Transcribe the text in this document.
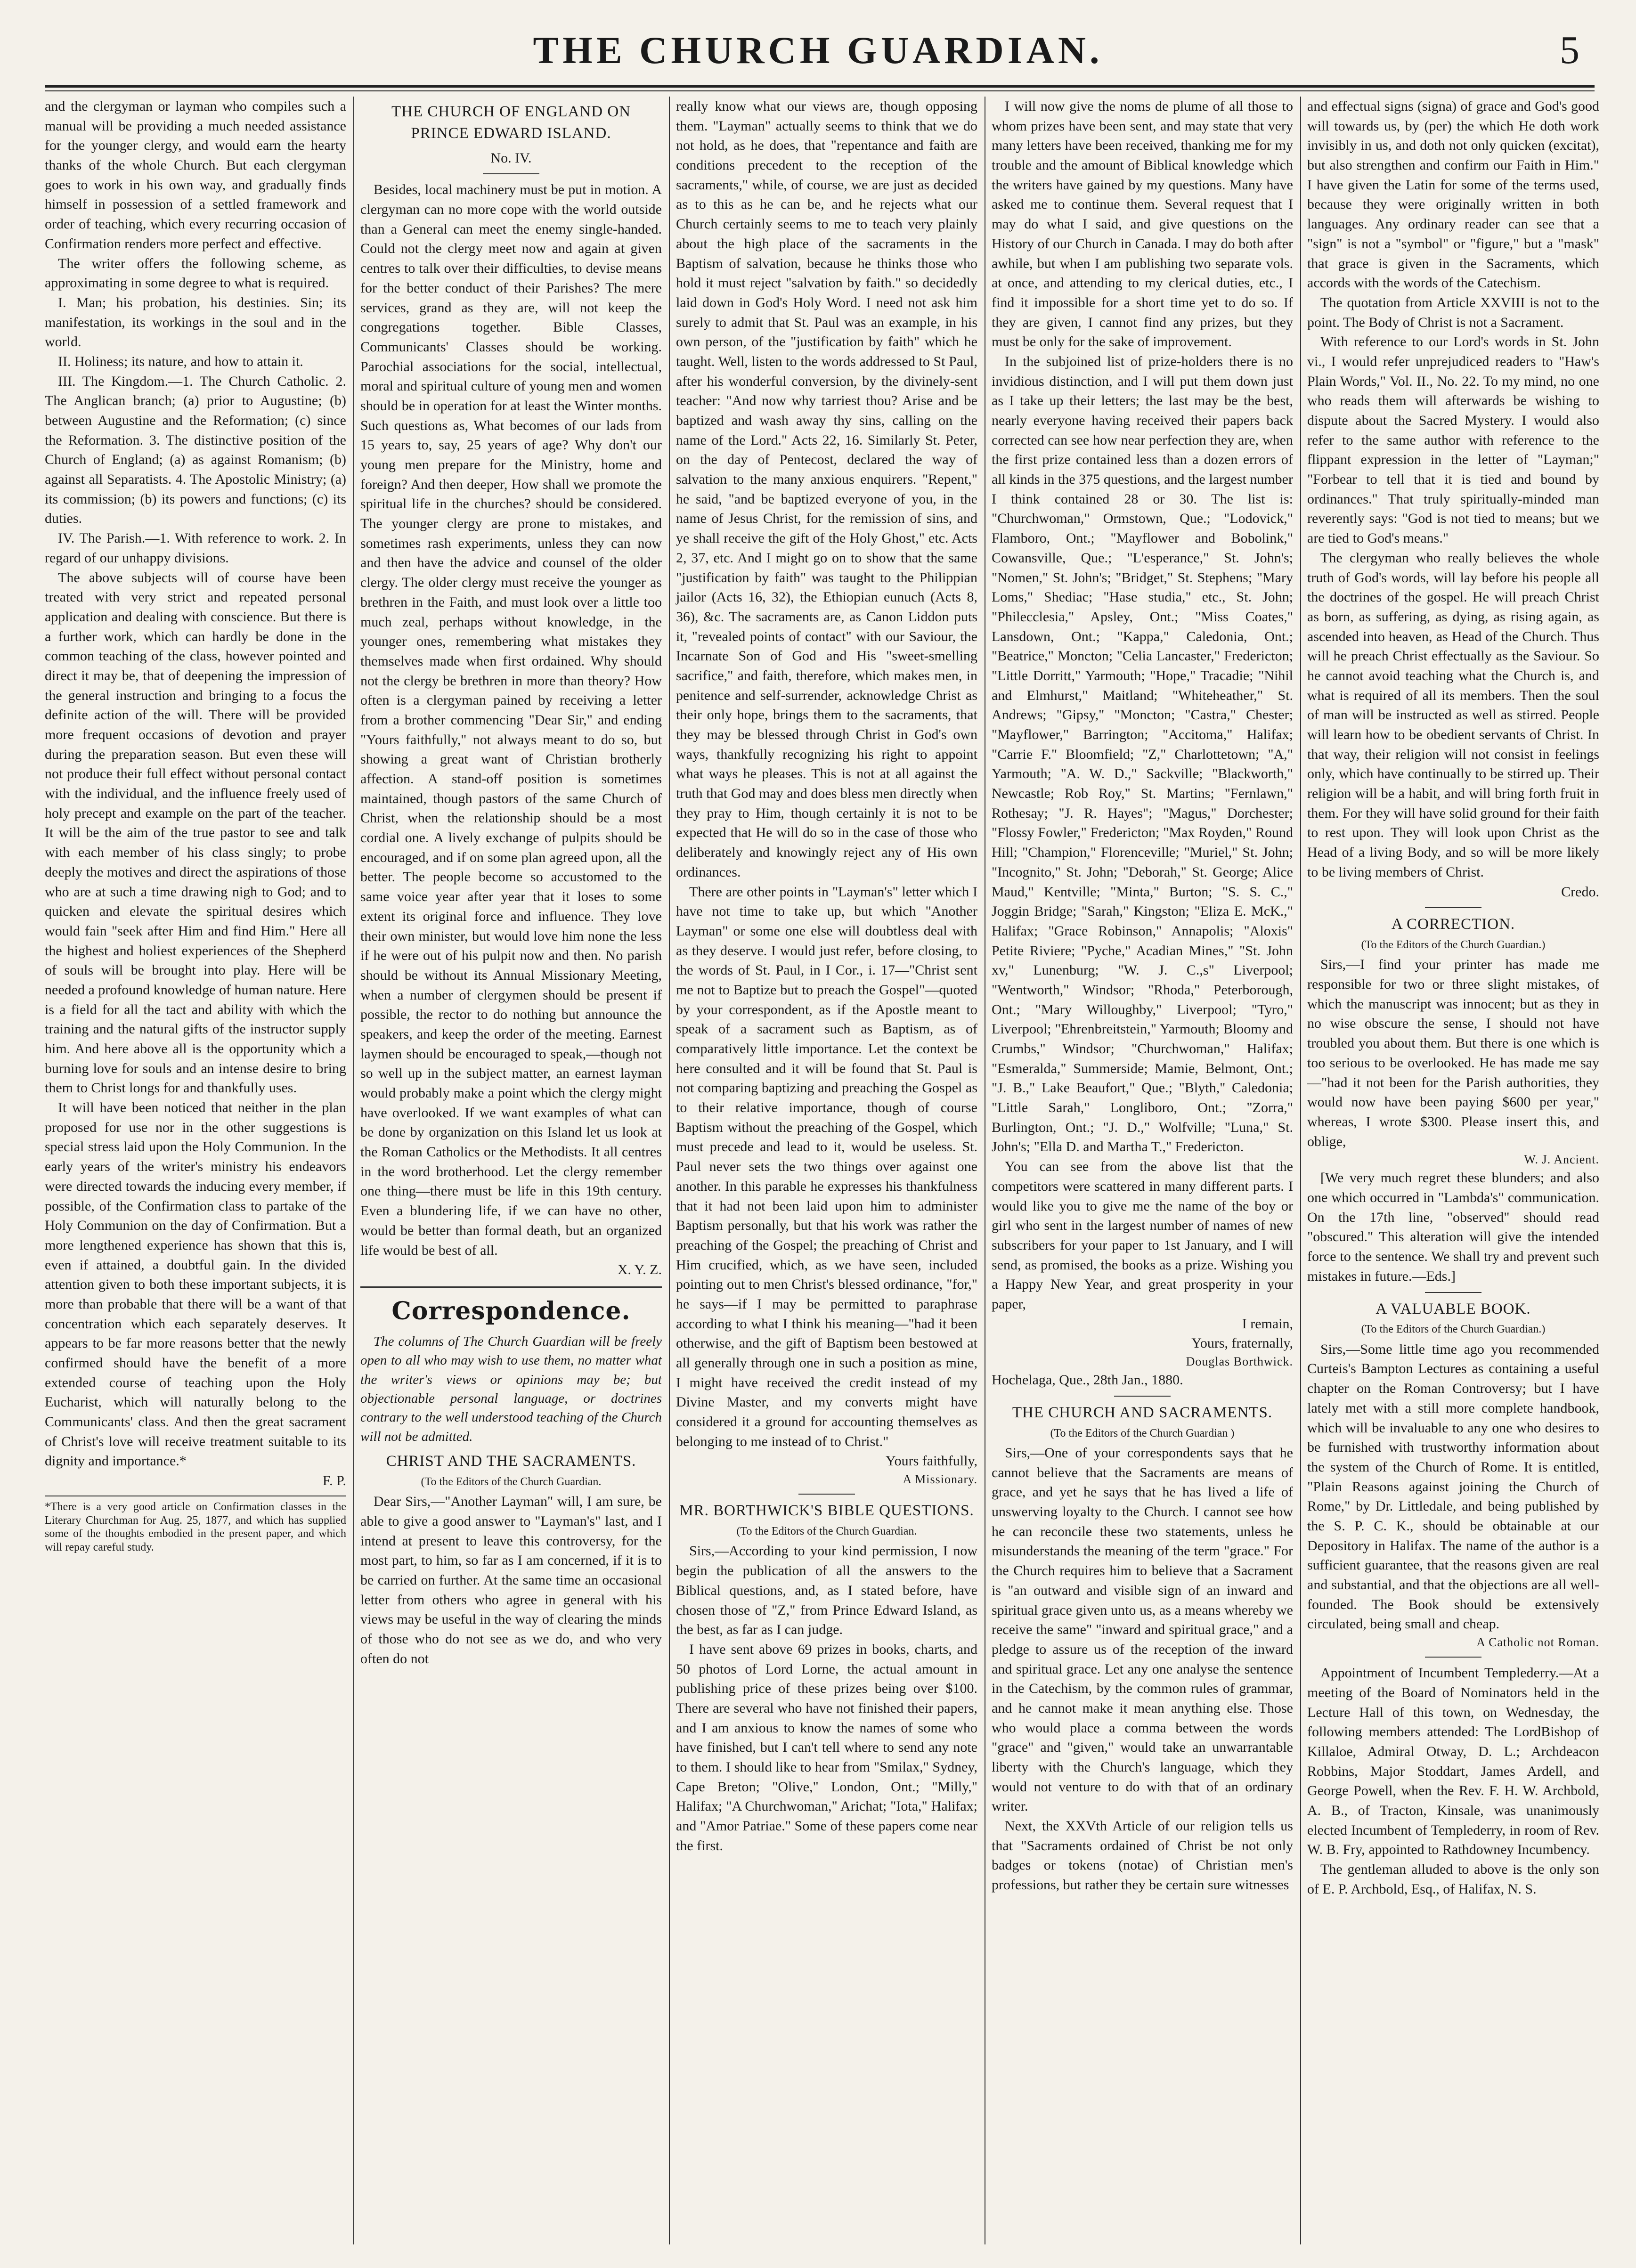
THE CHURCH GUARDIAN.	5

and the clergyman or layman who compiles such a manual will be providing a much needed assistance for the younger clergy, and would earn the hearty thanks of the whole Church. But each clergyman goes to work in his own way, and gradually finds himself in possession of a settled framework and order of teaching, which every recurring occasion of Confirmation renders more perfect and effective.

The writer offers the following scheme, as approximating in some degree to what is required.

I. Man; his probation, his destinies. Sin; its manifestation, its workings in the soul and in the world.

II. Holiness; its nature, and how to attain it.

III. The Kingdom.—1. The Church Catholic. 2. The Anglican branch; (a) prior to Augustine; (b) between Augustine and the Reformation; (c) since the Reformation. 3. The distinctive position of the Church of England; (a) as against Romanism; (b) against all Separatists. 4. The Apostolic Ministry; (a) its commission; (b) its powers and functions; (c) its duties.

IV. The Parish.—1. With reference to work. 2. In regard of our unhappy divisions.

The above subjects will of course have been treated with very strict and repeated personal application and dealing with conscience. But there is a further work, which can hardly be done in the common teaching of the class, however pointed and direct it may be, that of deepening the impression of the general instruction and bringing to a focus the definite action of the will. There will be provided more frequent occasions of devotion and prayer during the preparation season. But even these will not produce their full effect without personal contact with the individual, and the influence freely used of holy precept and example on the part of the teacher. It will be the aim of the true pastor to see and talk with each member of his class singly; to probe deeply the motives and direct the aspirations of those who are at such a time drawing nigh to God; and to quicken and elevate the spiritual desires which would fain "seek after Him and find Him." Here all the highest and holiest experiences of the Shepherd of souls will be brought into play. Here will be needed a profound knowledge of human nature. Here is a field for all the tact and ability with which the training and the natural gifts of the instructor supply him. And here above all is the opportunity which a burning love for souls and an intense desire to bring them to Christ longs for and thankfully uses.

It will have been noticed that neither in the plan proposed for use nor in the other suggestions is special stress laid upon the Holy Communion. In the early years of the writer's ministry his endeavors were directed towards the inducing every member, if possible, of the Confirmation class to partake of the Holy Communion on the day of Confirmation. But a more lengthened experience has shown that this is, even if attained, a doubtful gain. In the divided attention given to both these important subjects, it is more than probable that there will be a want of that concentration which each separately deserves. It appears to be far more reasons better that the newly confirmed should have the benefit of a more extended course of teaching upon the Holy Eucharist, which will naturally belong to the Communicants' class. And then the great sacrament of Christ's love will receive treatment suitable to its dignity and importance.*

F. P.

*There is a very good article on Confirmation classes in the Literary Churchman for Aug. 25, 1877, and which has supplied some of the thoughts embodied in the present paper, and which will repay careful study.
THE CHURCH OF ENGLAND ON PRINCE EDWARD ISLAND.
No. IV.

Besides, local machinery must be put in motion. A clergyman can no more cope with the world outside than a General can meet the enemy single-handed. Could not the clergy meet now and again at given centres to talk over their difficulties, to devise means for the better conduct of their Parishes? The mere services, grand as they are, will not keep the congregations together. Bible Classes, Communicants' Classes should be working. Parochial associations for the social, intellectual, moral and spiritual culture of young men and women should be in operation for at least the Winter months. Such questions as, What becomes of our lads from 15 years to, say, 25 years of age? Why don't our young men prepare for the Ministry, home and foreign? And then deeper, How shall we promote the spiritual life in the churches? should be considered. The younger clergy are prone to mistakes, and sometimes rash experiments, unless they can now and then have the advice and counsel of the older clergy. The older clergy must receive the younger as brethren in the Faith, and must look over a little too much zeal, perhaps without knowledge, in the younger ones, remembering what mistakes they themselves made when first ordained. Why should not the clergy be brethren in more than theory? How often is a clergyman pained by receiving a letter from a brother commencing "Dear Sir," and ending "Yours faithfully," not always meant to do so, but showing a great want of Christian brotherly affection. A stand-off position is sometimes maintained, though pastors of the same Church of Christ, when the relationship should be a most cordial one. A lively exchange of pulpits should be encouraged, and if on some plan agreed upon, all the better. The people become so accustomed to the same voice year after year that it loses to some extent its original force and influence. They love their own minister, but would love him none the less if he were out of his pulpit now and then. No parish should be without its Annual Missionary Meeting, when a number of clergymen should be present if possible, the rector to do nothing but announce the speakers, and keep the order of the meeting. Earnest laymen should be encouraged to speak,—though not so well up in the subject matter, an earnest layman would probably make a point which the clergy might have overlooked. If we want examples of what can be done by organization on this Island let us look at the Roman Catholics or the Methodists. It all centres in the word brotherhood. Let the clergy remember one thing—there must be life in this 19th century. Even a blundering life, if we can have no other, would be better than formal death, but an organized life would be best of all.

X. Y. Z.

Correspondence.

The columns of The Church Guardian will be freely open to all who may wish to use them, no matter what the writer's views or opinions may be; but objectionable personal language, or doctrines contrary to the well understood teaching of the Church will not be admitted.

CHRIST AND THE SACRAMENTS.
(To the Editors of the Church Guardian.

Dear Sirs,—"Another Layman" will, I am sure, be able to give a good answer to "Layman's" last, and I intend at present to leave this controversy, for the most part, to him, so far as I am concerned, if it is to be carried on further. At the same time an occasional letter from others who agree in general with his views may be useful in the way of clearing the minds of those who do not see as we do, and who very often do not

really know what our views are, though opposing them. "Layman" actually seems to think that we do not hold, as he does, that "repentance and faith are conditions precedent to the reception of the sacraments," while, of course, we are just as decided as to this as he can be, and he rejects what our Church certainly seems to me to teach very plainly about the high place of the sacraments in the Baptism of salvation, because he thinks those who hold it must reject "salvation by faith." so decidedly laid down in God's Holy Word. I need not ask him surely to admit that St. Paul was an example, in his own person, of the "justification by faith" which he taught. Well, listen to the words addressed to St Paul, after his wonderful conversion, by the divinely-sent teacher: "And now why tarriest thou? Arise and be baptized and wash away thy sins, calling on the name of the Lord." Acts 22, 16. Similarly St. Peter, on the day of Pentecost, declared the way of salvation to the many anxious enquirers. "Repent," he said, "and be baptized everyone of you, in the name of Jesus Christ, for the remission of sins, and ye shall receive the gift of the Holy Ghost," etc. Acts 2, 37, etc. And I might go on to show that the same "justification by faith" was taught to the Philippian jailor (Acts 16, 32), the Ethiopian eunuch (Acts 8, 36), &c. The sacraments are, as Canon Liddon puts it, "revealed points of contact" with our Saviour, the Incarnate Son of God and His "sweet-smelling sacrifice," and faith, therefore, which makes men, in penitence and self-surrender, acknowledge Christ as their only hope, brings them to the sacraments, that they may be blessed through Christ in God's own ways, thankfully recognizing his right to appoint what ways he pleases. This is not at all against the truth that God may and does bless men directly when they pray to Him, though certainly it is not to be expected that He will do so in the case of those who deliberately and knowingly reject any of His own ordinances.

There are other points in "Layman's" letter which I have not time to take up, but which "Another Layman" or some one else will doubtless deal with as they deserve. I would just refer, before closing, to the words of St. Paul, in I Cor., i. 17—"Christ sent me not to Baptize but to preach the Gospel"—quoted by your correspondent, as if the Apostle meant to speak of a sacrament such as Baptism, as of comparatively little importance. Let the context be here consulted and it will be found that St. Paul is not comparing baptizing and preaching the Gospel as to their relative importance, though of course Baptism without the preaching of the Gospel, which must precede and lead to it, would be useless. St. Paul never sets the two things over against one another. In this parable he expresses his thankfulness that it had not been laid upon him to administer Baptism personally, but that his work was rather the preaching of the Gospel; the preaching of Christ and Him crucified, which, as we have seen, included pointing out to men Christ's blessed ordinance, "for," he says—if I may be permitted to paraphrase according to what I think his meaning—"had it been otherwise, and the gift of Baptism been bestowed at all generally through one in such a position as mine, I might have received the credit instead of my Divine Master, and my converts might have considered it a ground for accounting themselves as belonging to me instead of to Christ."

Yours faithfully,

A Missionary.

MR. BORTHWICK'S BIBLE QUESTIONS.
(To the Editors of the Church Guardian.

Sirs,—According to your kind permission, I now begin the publication of all the answers to the Biblical questions, and, as I stated before, have chosen those of "Z," from Prince Edward Island, as the best, as far as I can judge.

I have sent above 69 prizes in books, charts, and 50 photos of Lord Lorne, the actual amount in publishing price of these prizes being over $100. There are several who have not finished their papers, and I am anxious to know the names of some who have finished, but I can't tell where to send any note to them. I should like to hear from "Smilax," Sydney, Cape Breton; "Olive," London, Ont.; "Milly," Halifax; "A Churchwoman," Arichat; "Iota," Halifax; and "Amor Patriae." Some of these papers come near the first.

I will now give the noms de plume of all those to whom prizes have been sent, and may state that very many letters have been received, thanking me for my trouble and the amount of Biblical knowledge which the writers have gained by my questions. Many have asked me to continue them. Several request that I may do what I said, and give questions on the History of our Church in Canada. I may do both after awhile, but when I am publishing two separate vols. at once, and attending to my clerical duties, etc., I find it impossible for a short time yet to do so. If they are given, I cannot find any prizes, but they must be only for the sake of improvement.

In the subjoined list of prize-holders there is no invidious distinction, and I will put them down just as I take up their letters; the last may be the best, nearly everyone having received their papers back corrected can see how near perfection they are, when the first prize contained less than a dozen errors of all kinds in the 375 questions, and the largest number I think contained 28 or 30. The list is: "Churchwoman," Ormstown, Que.; "Lodovick," Flamboro, Ont.; "Mayflower and Bobolink," Cowansville, Que.; "L'esperance," St. John's; "Nomen," St. John's; "Bridget," St. Stephens; "Mary Loms," Shediac; "Hase studia," etc., St. John; "Philecclesia," Apsley, Ont.; "Miss Coates," Lansdown, Ont.; "Kappa," Caledonia, Ont.; "Beatrice," Moncton; "Celia Lancaster," Fredericton; "Little Dorritt," Yarmouth; "Hope," Tracadie; "Nihil and Elmhurst," Maitland; "Whiteheather," St. Andrews; "Gipsy," "Moncton; "Castra," Chester; "Mayflower," Barrington; "Accitoma," Halifax; "Carrie F." Bloomfield; "Z," Charlottetown; "A," Yarmouth; "A. W. D.," Sackville; "Blackworth," Newcastle; Rob Roy," St. Martins; "Fernlawn," Rothesay; "J. R. Hayes"; "Magus," Dorchester; "Flossy Fowler," Fredericton; "Max Royden," Round Hill; "Champion," Florenceville; "Muriel," St. John; "Incognito," St. John; "Deborah," St. George; Alice Maud," Kentville; "Minta," Burton; "S. S. C.," Joggin Bridge; "Sarah," Kingston; "Eliza E. McK.," Halifax; "Grace Robinson," Annapolis; "Aloxis" Petite Riviere; "Pyche," Acadian Mines," "St. John xv," Lunenburg; "W. J. C.,s" Liverpool; "Wentworth," Windsor; "Rhoda," Peterborough, Ont.; "Mary Willoughby," Liverpool; "Tyro," Liverpool; "Ehrenbreitstein," Yarmouth; Bloomy and Crumbs," Windsor; "Churchwoman," Halifax; "Esmeralda," Summerside; Mamie, Belmont, Ont.; "J. B.," Lake Beaufort," Que.; "Blyth," Caledonia; "Little Sarah," Longliboro, Ont.; "Zorra," Burlington, Ont.; "J. D.," Wolfville; "Luna," St. John's; "Ella D. and Martha T.," Fredericton.

You can see from the above list that the competitors were scattered in many different parts. I would like you to give me the name of the boy or girl who sent in the largest number of names of new subscribers for your paper to 1st January, and I will send, as promised, the books as a prize. Wishing you a Happy New Year, and great prosperity in your paper,

I remain,

Yours, fraternally,

Douglas Borthwick.

Hochelaga, Que., 28th Jan., 1880.

THE CHURCH AND SACRAMENTS.
(To the Editors of the Church Guardian )

Sirs,—One of your correspondents says that he cannot believe that the Sacraments are means of grace, and yet he says that he has lived a life of unswerving loyalty to the Church. I cannot see how he can reconcile these two statements, unless he misunderstands the meaning of the term "grace." For the Church requires him to believe that a Sacrament is "an outward and visible sign of an inward and spiritual grace given unto us, as a means whereby we receive the same" "inward and spiritual grace," and a pledge to assure us of the reception of the inward and spiritual grace. Let any one analyse the sentence in the Catechism, by the common rules of grammar, and he cannot make it mean anything else. Those who would place a comma between the words "grace" and "given," would take an unwarrantable liberty with the Church's language, which they would not venture to do with that of an ordinary writer.

Next, the XXVth Article of our religion tells us that "Sacraments ordained of Christ be not only badges or tokens (notae) of Christian men's professions, but rather they be certain sure witnesses

and effectual signs (signa) of grace and God's good will towards us, by (per) the which He doth work invisibly in us, and doth not only quicken (excitat), but also strengthen and confirm our Faith in Him." I have given the Latin for some of the terms used, because they were originally written in both languages. Any ordinary reader can see that a "sign" is not a "symbol" or "figure," but a "mask" that grace is given in the Sacraments, which accords with the words of the Catechism.

The quotation from Article XXVIII is not to the point. The Body of Christ is not a Sacrament.

With reference to our Lord's words in St. John vi., I would refer unprejudiced readers to "Haw's Plain Words," Vol. II., No. 22. To my mind, no one who reads them will afterwards be wishing to dispute about the Sacred Mystery. I would also refer to the same author with reference to the flippant expression in the letter of "Layman;" "Forbear to tell that it is tied and bound by ordinances." That truly spiritually-minded man reverently says: "God is not tied to means; but we are tied to God's means."

The clergyman who really believes the whole truth of God's words, will lay before his people all the doctrines of the gospel. He will preach Christ as born, as suffering, as dying, as rising again, as ascended into heaven, as Head of the Church. Thus will he preach Christ effectually as the Saviour. So he cannot avoid teaching what the Church is, and what is required of all its members. Then the soul of man will be instructed as well as stirred. People will learn how to be obedient servants of Christ. In that way, their religion will not consist in feelings only, which have continually to be stirred up. Their religion will be a habit, and will bring forth fruit in them. For they will have solid ground for their faith to rest upon. They will look upon Christ as the Head of a living Body, and so will be more likely to be living members of Christ.

Credo.

A CORRECTION.
(To the Editors of the Church Guardian.)

Sirs,—I find your printer has made me responsible for two or three slight mistakes, of which the manuscript was innocent; but as they in no wise obscure the sense, I should not have troubled you about them. But there is one which is too serious to be overlooked. He has made me say—"had it not been for the Parish authorities, they would now have been paying $600 per year," whereas, I wrote $300. Please insert this, and oblige,

W. J. Ancient.

[We very much regret these blunders; and also one which occurred in "Lambda's" communication. On the 17th line, "observed" should read "obscured." This alteration will give the intended force to the sentence. We shall try and prevent such mistakes in future.—Eds.]

A VALUABLE BOOK.
(To the Editors of the Church Guardian.)

Sirs,—Some little time ago you recommended Curteis's Bampton Lectures as containing a useful chapter on the Roman Controversy; but I have lately met with a still more complete handbook, which will be invaluable to any one who desires to be furnished with trustworthy information about the system of the Church of Rome. It is entitled, "Plain Reasons against joining the Church of Rome," by Dr. Littledale, and being published by the S. P. C. K., should be obtainable at our Depository in Halifax. The name of the author is a sufficient guarantee, that the reasons given are real and substantial, and that the objections are all well-founded. The Book should be extensively circulated, being small and cheap.

A Catholic not Roman.

Appointment of Incumbent Templederry.—At a meeting of the Board of Nominators held in the Lecture Hall of this town, on Wednesday, the following members attended: The LordBishop of Killaloe, Admiral Otway, D. L.; Archdeacon Robbins, Major Stoddart, James Ardell, and George Powell, when the Rev. F. H. W. Archbold, A. B., of Tracton, Kinsale, was unanimously elected Incumbent of Templederry, in room of Rev. W. B. Fry, appointed to Rathdowney Incumbency.

The gentleman alluded to above is the only son of E. P. Archbold, Esq., of Halifax, N. S.
